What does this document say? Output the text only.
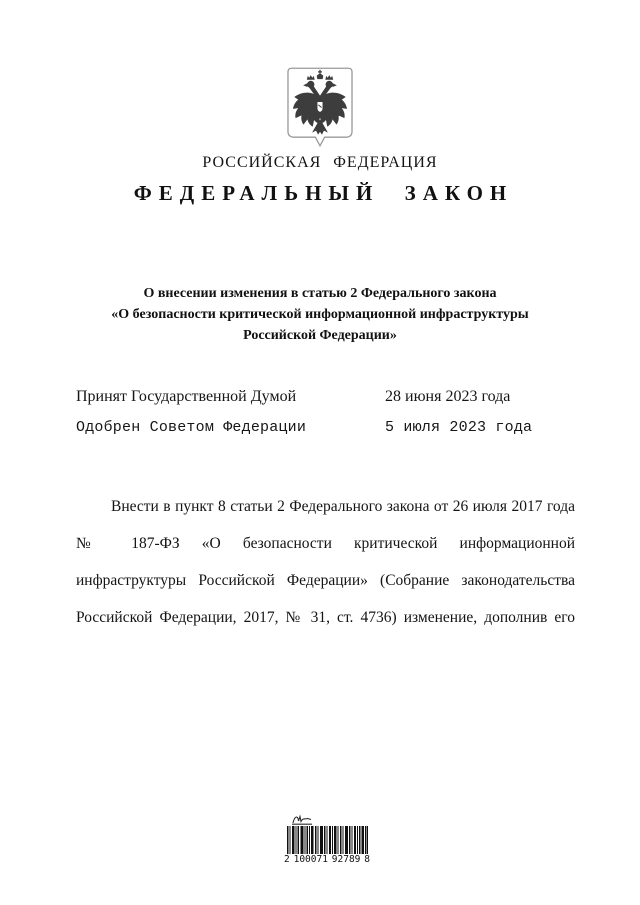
РОССИЙСКАЯ ФЕДЕРАЦИЯ
ФЕДЕРАЛЬНЫЙ ЗАКОН
О внесении изменения в статью 2 Федерального закона
«О безопасности критической информационной инфраструктуры
Российской Федерации»
Принят Государственной Думой	28 июня 2023 года
Одобрен Советом Федерации	5 июля 2023 года
Внести в пункт 8 статьи 2 Федерального закона от 26 июля 2017 года
№ 187-ФЗ «О безопасности критической информационной
инфраструктуры Российской Федерации» (Собрание законодательства
Российской Федерации, 2017, № 31, ст. 4736) изменение, дополнив его
2 100071 92789 8
